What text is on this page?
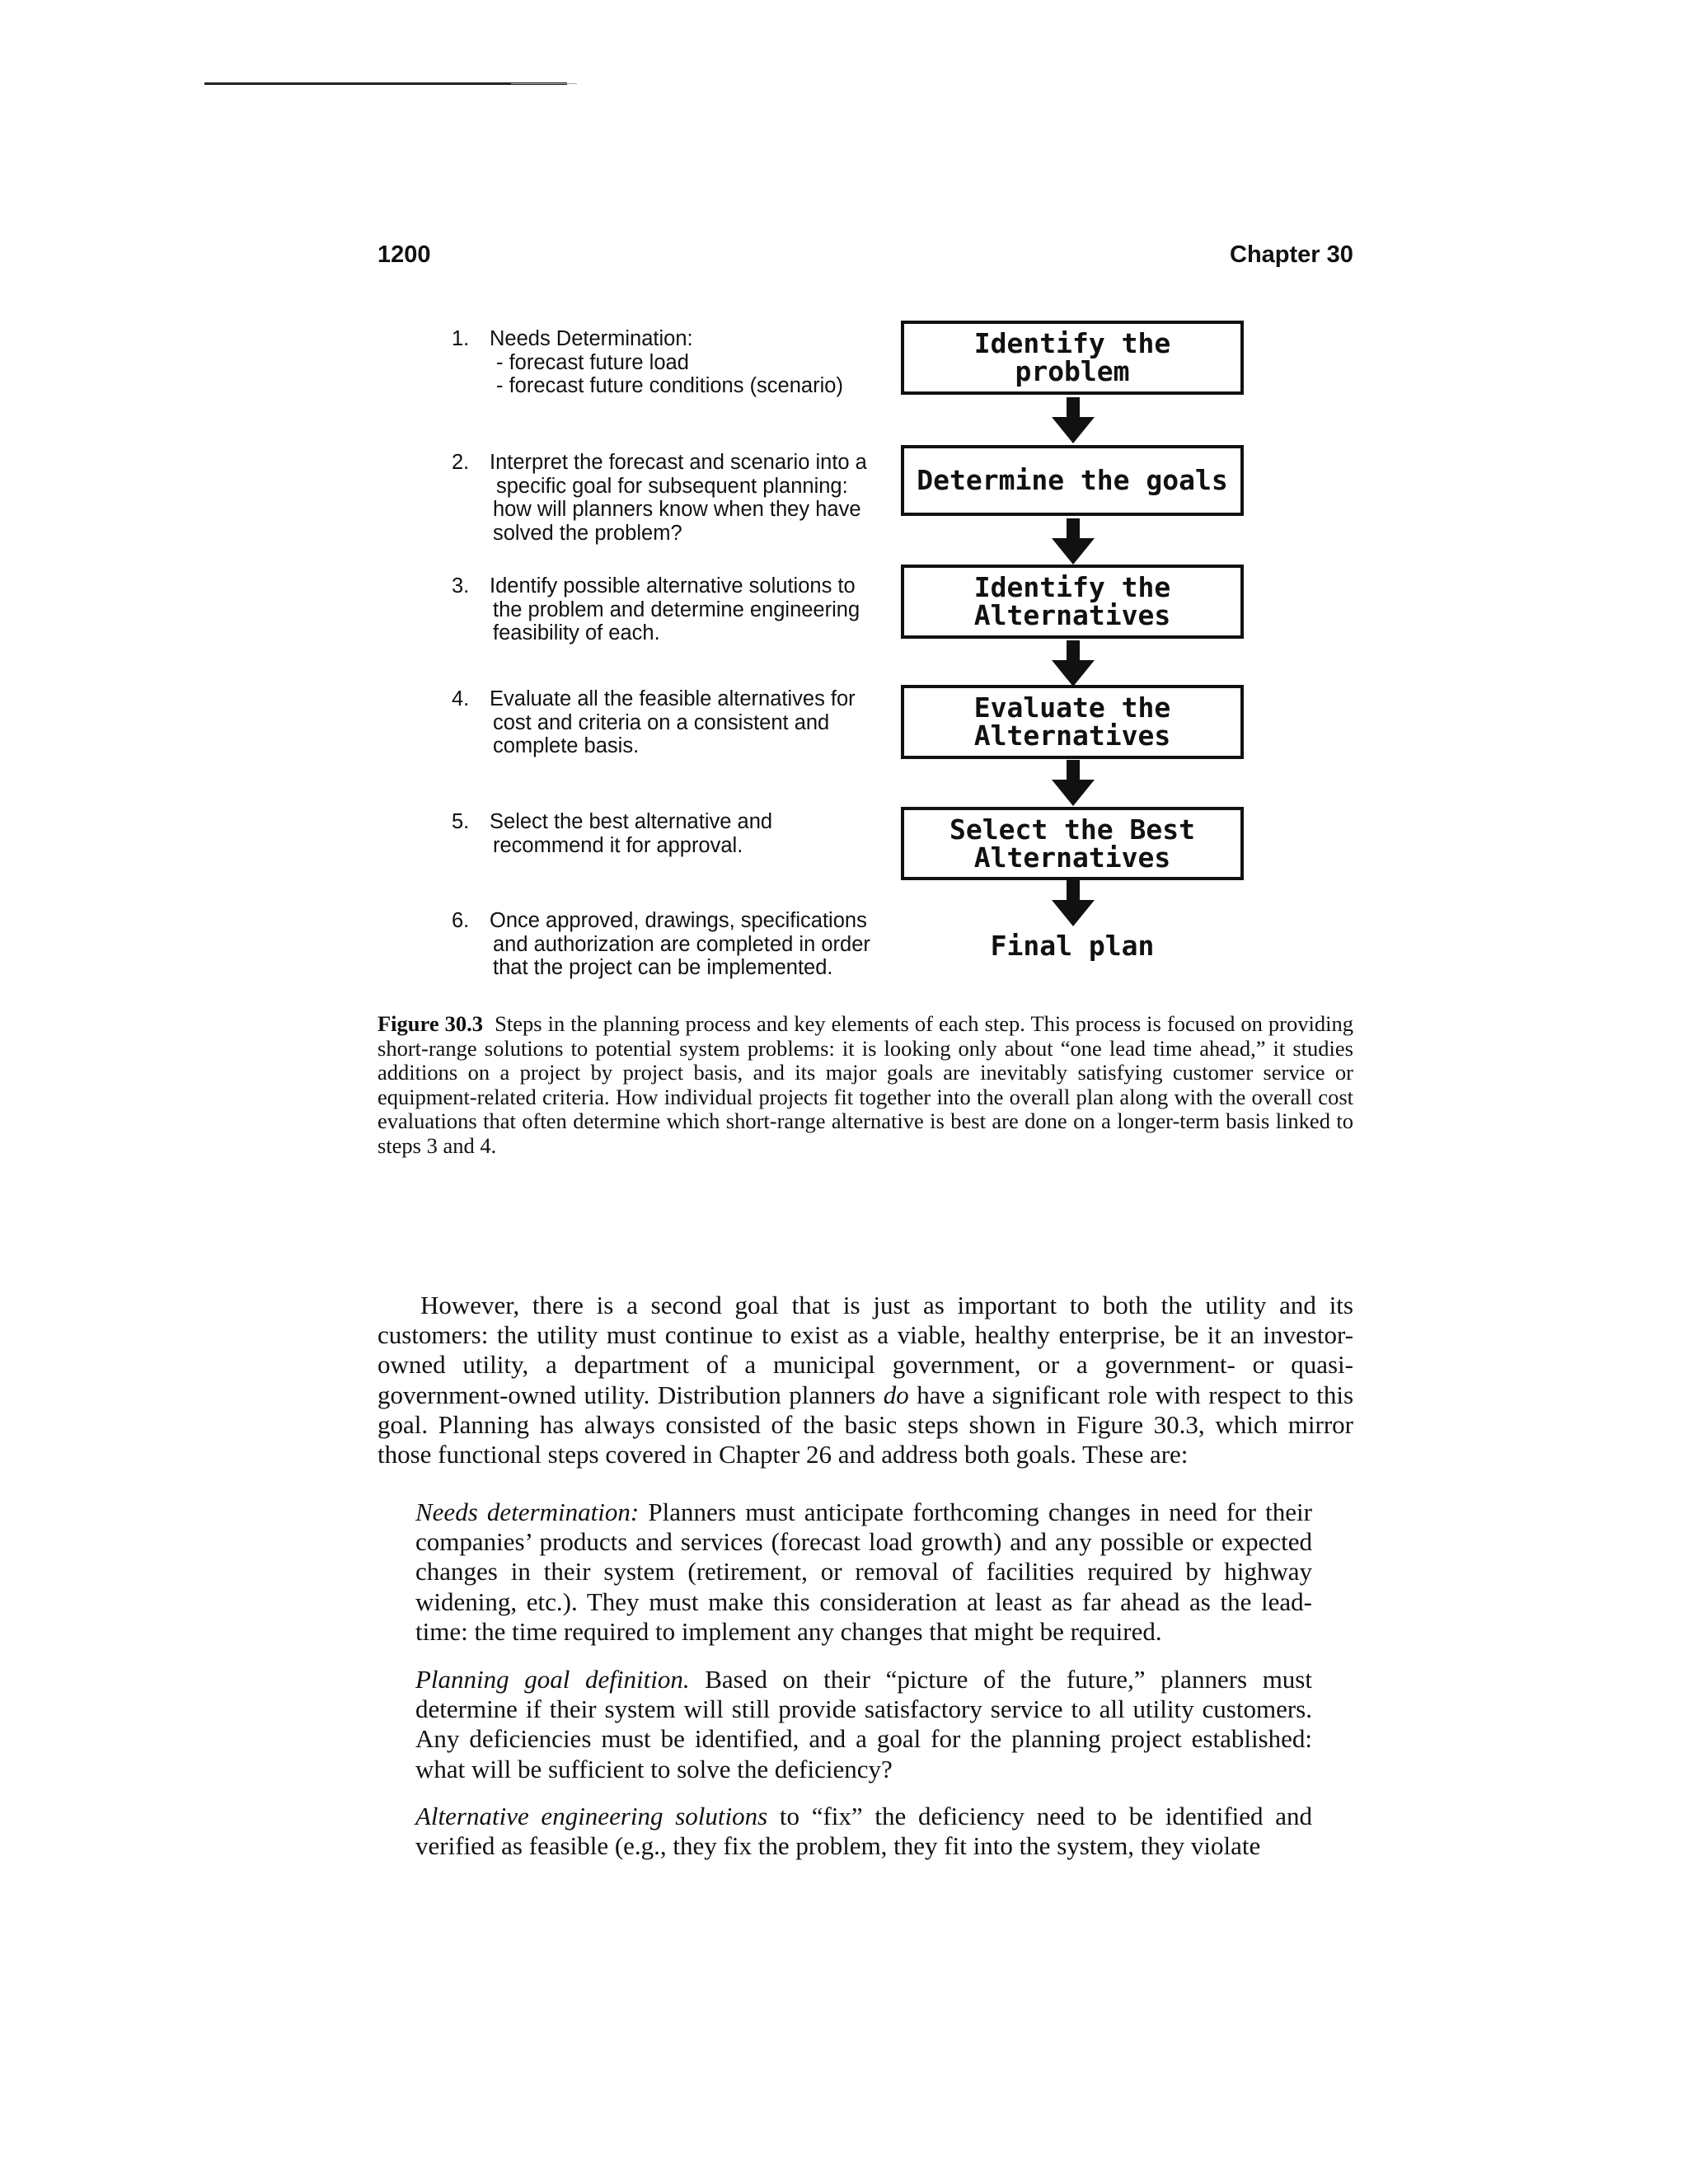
1200	Chapter 30
1. Needs Determination:
- forecast future load
- forecast future conditions (scenario)
2. Interpret the forecast and scenario into a
specific goal for subsequent planning:
how will planners know when they have
solved the problem?
3. Identify possible alternative solutions to
the problem and determine engineering
feasibility of each.
4. Evaluate all the feasible alternatives for
cost and criteria on a consistent and
complete basis.
5. Select the best alternative and
recommend it for approval.
6. Once approved, drawings, specifications
and authorization are completed in order
that the project can be implemented.
Identify the
problem
Determine the goals
Identify the
Alternatives
Evaluate the
Alternatives
Select the Best
Alternatives
Final plan
Figure 30.3 Steps in the planning process and key elements of each step. This process is focused on providing short-range solutions to potential system problems: it is looking only about “one lead time ahead,” it studies additions on a project by project basis, and its major goals are inevitably satisfying customer service or equipment-related criteria. How individual projects fit together into the overall plan along with the overall cost evaluations that often determine which short-range alternative is best are done on a longer-term basis linked to steps 3 and 4.
However, there is a second goal that is just as important to both the utility and its customers: the utility must continue to exist as a viable, healthy enterprise, be it an investor-owned utility, a department of a municipal government, or a government- or quasi-government-owned utility. Distribution planners do have a significant role with respect to this goal. Planning has always consisted of the basic steps shown in Figure 30.3, which mirror those functional steps covered in Chapter 26 and address both goals. These are:
Needs determination: Planners must anticipate forthcoming changes in need for their companies’ products and services (forecast load growth) and any possible or expected changes in their system (retirement, or removal of facilities required by highway widening, etc.). They must make this consideration at least as far ahead as the lead-time: the time required to implement any changes that might be required.
Planning goal definition. Based on their “picture of the future,” planners must determine if their system will still provide satisfactory service to all utility customers. Any deficiencies must be identified, and a goal for the planning project established: what will be sufficient to solve the deficiency?
Alternative engineering solutions to “fix” the deficiency need to be identified and verified as feasible (e.g., they fix the problem, they fit into the system, they violate
